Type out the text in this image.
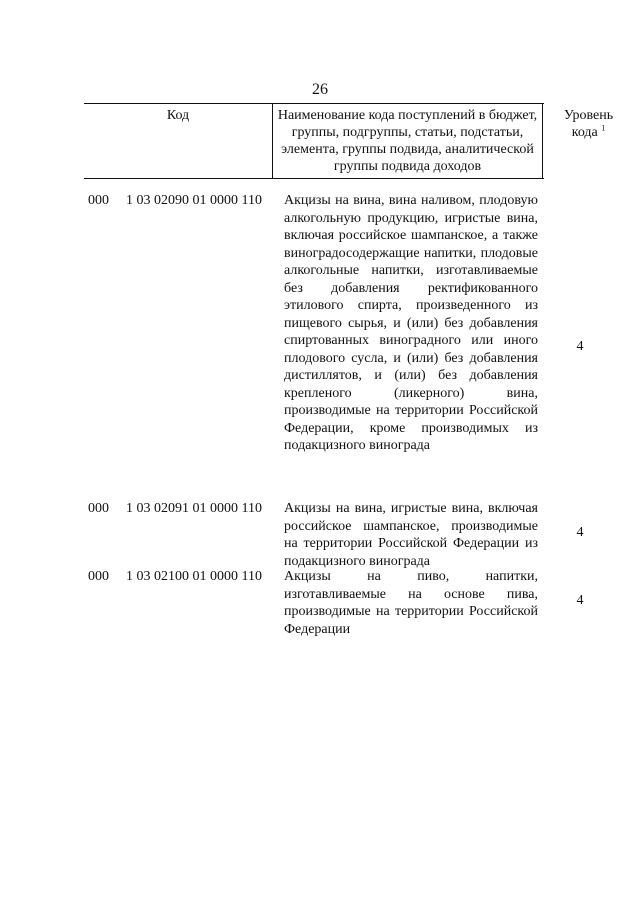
26
Код	Наименование кода поступлений в бюджет, группы, подгруппы, статьи, подстатьи, элемента, группы подвида, аналитической группы подвида доходов
Уровень
кода $^1$
000 1 03 02090 01 0000 110 Акцизы на вина, вина наливом, плодовую алкогольную продукцию, игристые вина, включая российское шампанское, а также виноградосодержащие напитки, плодовые алкогольные напитки, изготавливаемые без добавления ректификованного этилового спирта, произведенного из пищевого сырья, и (или) без добавления спиртованных виноградного или иного плодового сусла, и (или) без добавления дистиллятов, и (или) без добавления крепленого (ликерного) вина, производимые на территории Российской Федерации, кроме производимых из подакцизного винограда
4
000 1 03 02091 01 0000 110 Акцизы на вина, игристые вина, включая российское шампанское, производимые на территории Российской Федерации из подакцизного винограда
4
000 1 03 02100 01 0000 110 Акцизы на пиво, напитки, изготавливаемые на основе пива, производимые на территории Российской Федерации
4
